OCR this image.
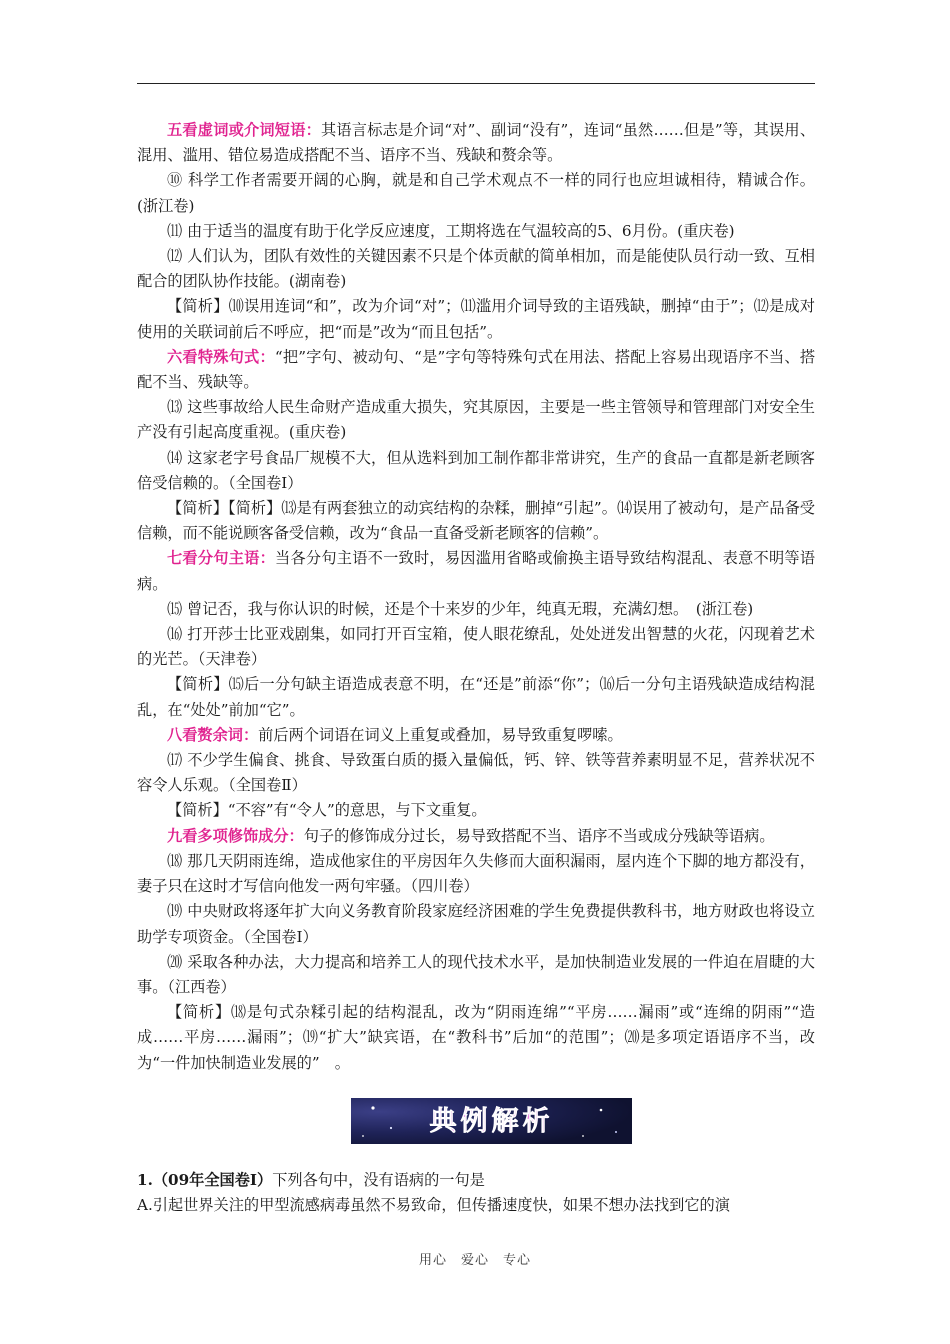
五看虚词或介词短语：其语言标志是介词“对”、副词“没有”，连词“虽然……但是”等，其误用、混用、滥用、错位易造成搭配不当、语序不当、残缺和赘余等。

⑩ 科学工作者需要开阔的心胸，就是和自己学术观点不一样的同行也应坦诚相待，精诚合作。(浙江卷)

⑾ 由于适当的温度有助于化学反应速度，工期将选在气温较高的5、6月份。(重庆卷)

⑿ 人们认为，团队有效性的关键因素不只是个体贡献的简单相加，而是能使队员行动一致、互相配合的团队协作技能。(湖南卷)

【简析】⑽误用连词“和”，改为介词“对”；⑾滥用介词导致的主语残缺，删掉“由于”；⑿是成对使用的关联词前后不呼应，把“而是”改为“而且包括”。

六看特殊句式：“把”字句、被动句、“是”字句等特殊句式在用法、搭配上容易出现语序不当、搭配不当、残缺等。

⒀ 这些事故给人民生命财产造成重大损失，究其原因，主要是一些主管领导和管理部门对安全生产没有引起高度重视。(重庆卷)

⒁ 这家老字号食品厂规模不大，但从选料到加工制作都非常讲究，生产的食品一直都是新老顾客倍受信赖的。（全国卷Ⅰ）

【简析】【简析】⒀是有两套独立的动宾结构的杂糅，删掉“引起”。⒁误用了被动句，是产品备受信赖，而不能说顾客备受信赖，改为“食品一直备受新老顾客的信赖”。

七看分句主语：当各分句主语不一致时，易因滥用省略或偷换主语导致结构混乱、表意不明等语病。

⒂ 曾记否，我与你认识的时候，还是个十来岁的少年，纯真无瑕，充满幻想。　(浙江卷)

⒃ 打开莎士比亚戏剧集，如同打开百宝箱，使人眼花缭乱，处处迸发出智慧的火花，闪现着艺术的光芒。（天津卷）

【简析】⒂后一分句缺主语造成表意不明，在“还是”前添“你”；⒃后一分句主语残缺造成结构混乱，在“处处”前加“它”。

八看赘余词：前后两个词语在词义上重复或叠加，易导致重复啰嗦。

⒄ 不少学生偏食、挑食、导致蛋白质的摄入量偏低，钙、锌、铁等营养素明显不足，营养状况不容令人乐观。（全国卷Ⅱ）

【简析】“不容”有“令人”的意思，与下文重复。

九看多项修饰成分：句子的修饰成分过长，易导致搭配不当、语序不当或成分残缺等语病。

⒅ 那几天阴雨连绵，造成他家住的平房因年久失修而大面积漏雨，屋内连个下脚的地方都没有，妻子只在这时才写信向他发一两句牢骚。（四川卷）

⒆ 中央财政将逐年扩大向义务教育阶段家庭经济困难的学生免费提供教科书，地方财政也将设立助学专项资金。（全国卷Ⅰ）

⒇ 采取各种办法，大力提高和培养工人的现代技术水平，是加快制造业发展的一件迫在眉睫的大事。（江西卷）

【简析】⒅是句式杂糅引起的结构混乱，改为“阴雨连绵”“平房……漏雨”或“连绵的阴雨”“造成……平房……漏雨”；⒆“扩大”缺宾语，在“教科书”后加“的范围”；⒇是多项定语语序不当，改为“一件加快制造业发展的”　。

典例解析

1.（09年全国卷Ⅰ）下列各句中，没有语病的一句是

A.引起世界关注的甲型流感病毒虽然不易致命，但传播速度快，如果不想办法找到它的演

用心　爱心　专心
